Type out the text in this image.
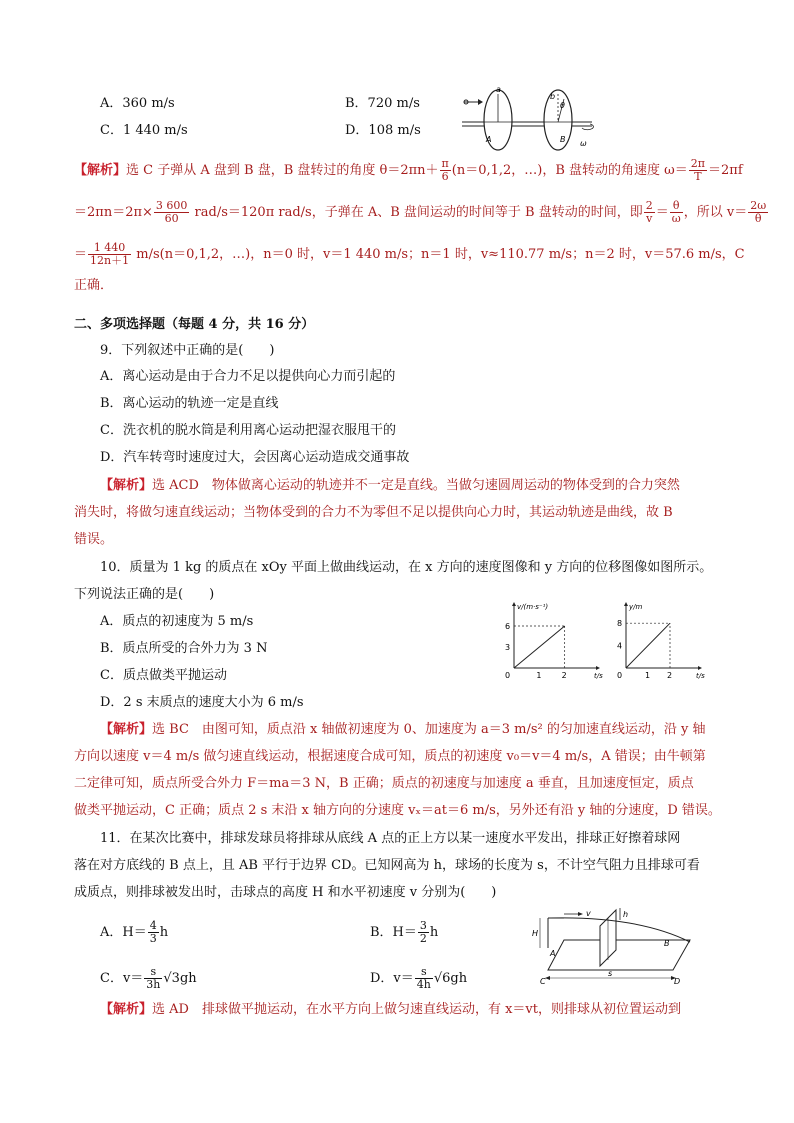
A．360 m/s	B．720 m/s
C．1 440 m/s	D．108 m/s
a
b
θ
A	B ω
【解析】选 C 子弹从 A 盘到 B 盘，B 盘转过的角度 $\theta=2\pi n+ \frac{\pi}{6} (n=0,1,2$，…)，B 盘转动的角速度 $\omega= \frac{2\pi}{T} =2\pi f$
$=2\pi n=2\pi\times \frac{3 600}{60} rad/s=120\pi$ rad/s，子弹在 A、B 盘间运动的时间等于 B 盘转动的时间，即 $\frac{2}{v} = \frac{\theta}{\omega}$ ，所以 $v= \frac{2\omega}{\theta}$
＝ $\frac{1 440}{12n+1} m/s(n=0,1,2$，…)，n＝0 时，v＝1 440 m/s；n＝1 时，v≈110.77 m/s；n＝2 时，v＝57.6 m/s，C
正确．
二、多项选择题（每题 4 分，共 16 分）
9．下列叙述中正确的是(　　)
A．离心运动是由于合力不足以提供向心力而引起的
B．离心运动的轨迹一定是直线
C．洗衣机的脱水筒是利用离心运动把湿衣服甩干的
D．汽车转弯时速度过大，会因离心运动造成交通事故
【解析】选 ACD　物体做离心运动的轨迹并不一定是直线。当做匀速圆周运动的物体受到的合力突然
消失时，将做匀速直线运动；当物体受到的合力不为零但不足以提供向心力时，其运动轨迹是曲线，故 B
错误。
10．质量为 1 kg 的质点在 xOy 平面上做曲线运动，在 x 方向的速度图像和 y 方向的位移图像如图所示。
下列说法正确的是(　　)
A．质点的初速度为 5 m/s
B．质点所受的合外力为 3 N
C．质点做类平抛运动
D．2 s 末质点的速度大小为 6 m/s
0	1	2
3
6
v/(m·s⁻¹)
t/s 0	1 2
4
8
y/m
t/s
【解析】选 BC　由图可知，质点沿 x 轴做初速度为 0、加速度为 a＝3 m/s² 的匀加速直线运动，沿 y 轴
方向以速度 v＝4 m/s 做匀速直线运动，根据速度合成可知，质点的初速度 v₀＝v＝4 m/s，A 错误；由牛顿第
二定律可知，质点所受合外力 F＝ma＝3 N，B 正确；质点的初速度与加速度 a 垂直，且加速度恒定，质点
做类平抛运动，C 正确；质点 2 s 末沿 x 轴方向的分速度 vₓ＝at＝6 m/s，另外还有沿 y 轴的分速度，D 错误。
11．在某次比赛中，排球发球员将排球从底线 A 点的正上方以某一速度水平发出，排球正好擦着球网
落在对方底线的 B 点上，且 AB 平行于边界 CD。已知网高为 h，球场的长度为 s，不计空气阻力且排球可看
成质点，则排球被发出时，击球点的高度 H 和水平初速度 v 分别为(　　)
A．$H= \frac{4}{3}$ h	B．$H= \frac{3}{2}$ h
C．$v= \frac{s}{3h} √3gh$	D．$v= \frac{s}{4h} √6gh$
v	h
H
A
B
C	D
s
【解析】选 AD　排球做平抛运动，在水平方向上做匀速直线运动，有 x＝vt，则排球从初位置运动到
